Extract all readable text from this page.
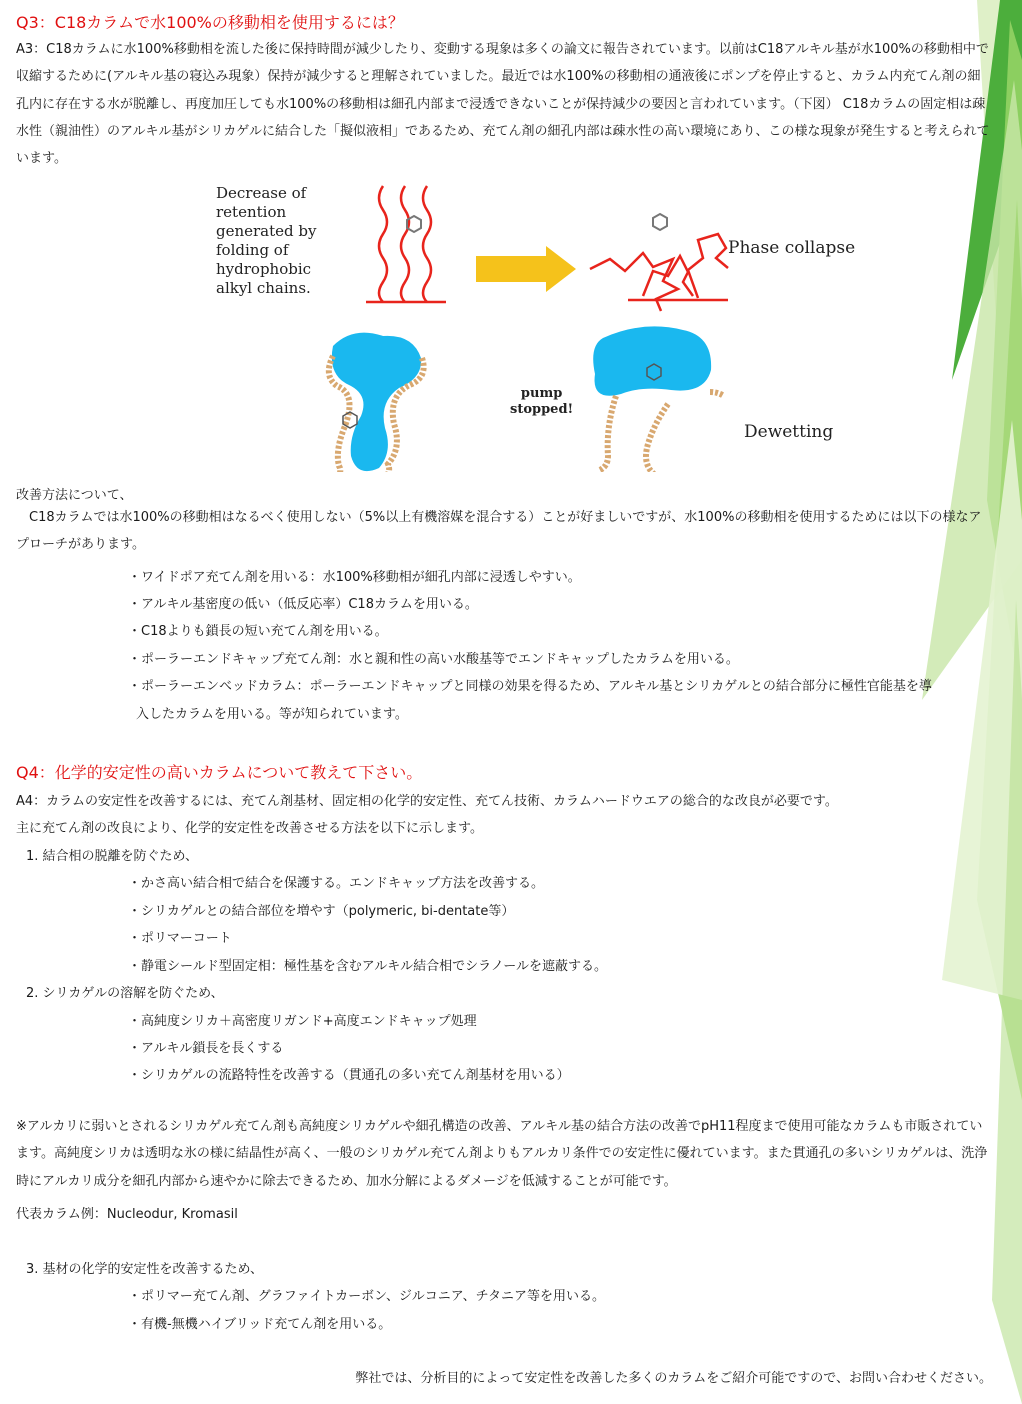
Q3：C18カラムで水100%の移動相を使用するには？
A3：C18カラムに水100%移動相を流した後に保持時間が減少したり、変動する現象は多くの論文に報告されています。以前はC18アルキル基が水100%の移動相中で収縮するために(アルキル基の寝込み現象）保持が減少すると理解されていました。最近では水100%の移動相の通液後にポンプを停止すると、カラム内充てん剤の細孔内に存在する水が脱離し、再度加圧しても水100%の移動相は細孔内部まで浸透できないことが保持減少の要因と言われています。（下図） C18カラムの固定相は疎水性（親油性）のアルキル基がシリカゲルに結合した「擬似液相」であるため、充てん剤の細孔内部は疎水性の高い環境にあり、この様な現象が発生すると考えられています。
Decrease of
retention
generated by
folding of
hydrophobic
alkyl chains.
Phase collapse
pump
stopped!
Dewetting
改善方法について、
　C18カラムでは水100%の移動相はなるべく使用しない（5%以上有機溶媒を混合する）ことが好ましいですが、水100%の移動相を使用するためには以下の様なアプローチがあります。
・ワイドポア充てん剤を用いる：水100%移動相が細孔内部に浸透しやすい。
・アルキル基密度の低い（低反応率）C18カラムを用いる。
・C18よりも鎖長の短い充てん剤を用いる。
・ポーラーエンドキャップ充てん剤：水と親和性の高い水酸基等でエンドキャップしたカラムを用いる。
・ポーラーエンベッドカラム：ポーラーエンドキャップと同様の効果を得るため、アルキル基とシリカゲルとの結合部分に極性官能基を導
入したカラムを用いる。等が知られています。
Q4：化学的安定性の高いカラムについて教えて下さい。
A4：カラムの安定性を改善するには、充てん剤基材、固定相の化学的安定性、充てん技術、カラムハードウエアの総合的な改良が必要です。
主に充てん剤の改良により、化学的安定性を改善させる方法を以下に示します。
1. 結合相の脱離を防ぐため、
・かさ高い結合相で結合を保護する。エンドキャップ方法を改善する。
・シリカゲルとの結合部位を増やす（polymeric, bi-dentate等）
・ポリマーコート
・静電シールド型固定相：極性基を含むアルキル結合相でシラノールを遮蔽する。
2. シリカゲルの溶解を防ぐため、
・高純度シリカ＋高密度リガンド+高度エンドキャップ処理
・アルキル鎖長を長くする
・シリカゲルの流路特性を改善する（貫通孔の多い充てん剤基材を用いる）
※アルカリに弱いとされるシリカゲル充てん剤も高純度シリカゲルや細孔構造の改善、アルキル基の結合方法の改善でpH11程度まで使用可能なカラムも市販されています。高純度シリカは透明な氷の様に結晶性が高く、一般のシリカゲル充てん剤よりもアルカリ条件での安定性に優れています。また貫通孔の多いシリカゲルは、洗浄時にアルカリ成分を細孔内部から速やかに除去できるため、加水分解によるダメージを低減することが可能です。
代表カラム例：Nucleodur, Kromasil
3. 基材の化学的安定性を改善するため、
・ポリマー充てん剤、グラファイトカーボン、ジルコニア、チタニア等を用いる。
・有機-無機ハイブリッド充てん剤を用いる。
弊社では、分析目的によって安定性を改善した多くのカラムをご紹介可能ですので、お問い合わせください。
